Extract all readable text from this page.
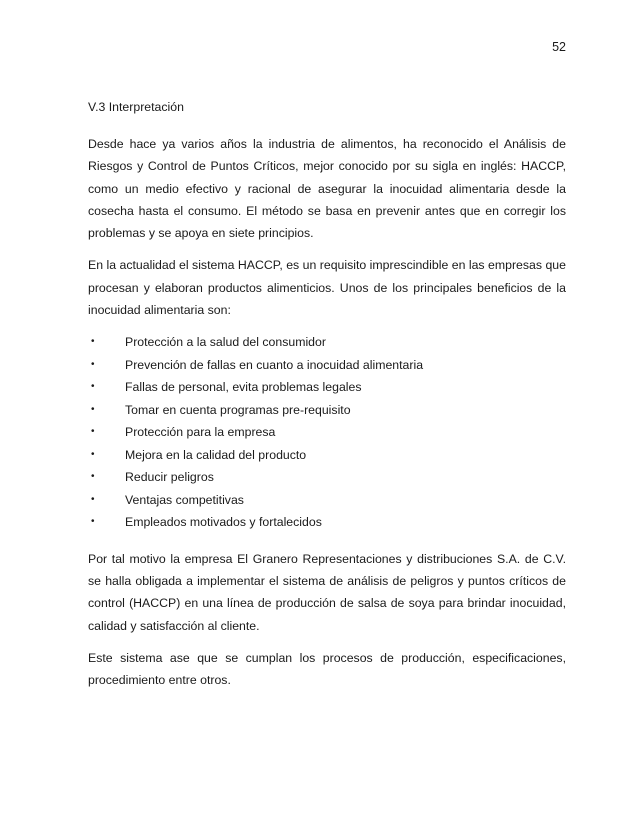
52
V.3 Interpretación

Desde hace ya varios años la industria de alimentos, ha reconocido el Análisis de Riesgos y Control de Puntos Críticos, mejor conocido por su sigla en inglés: HACCP, como un medio efectivo y racional de asegurar la inocuidad alimentaria desde la cosecha hasta el consumo. El método se basa en prevenir antes que en corregir los problemas y se apoya en siete principios.

En la actualidad el sistema HACCP, es un requisito imprescindible en las empresas que procesan y elaboran productos alimenticios. Unos de los principales beneficios de la inocuidad alimentaria son:

•	Protección a la salud del consumidor
•	Prevención de fallas en cuanto a inocuidad alimentaria
•	Fallas de personal, evita problemas legales
•	Tomar en cuenta programas pre-requisito
•	Protección para la empresa
•	Mejora en la calidad del producto
•	Reducir peligros
•	Ventajas competitivas
•	Empleados motivados y fortalecidos

Por tal motivo la empresa El Granero Representaciones y distribuciones S.A. de C.V. se halla obligada a implementar el sistema de análisis de peligros y puntos críticos de control (HACCP) en una línea de producción de salsa de soya para brindar inocuidad, calidad y satisfacción al cliente.

Este sistema ase que se cumplan los procesos de producción, especificaciones, procedimiento entre otros.
